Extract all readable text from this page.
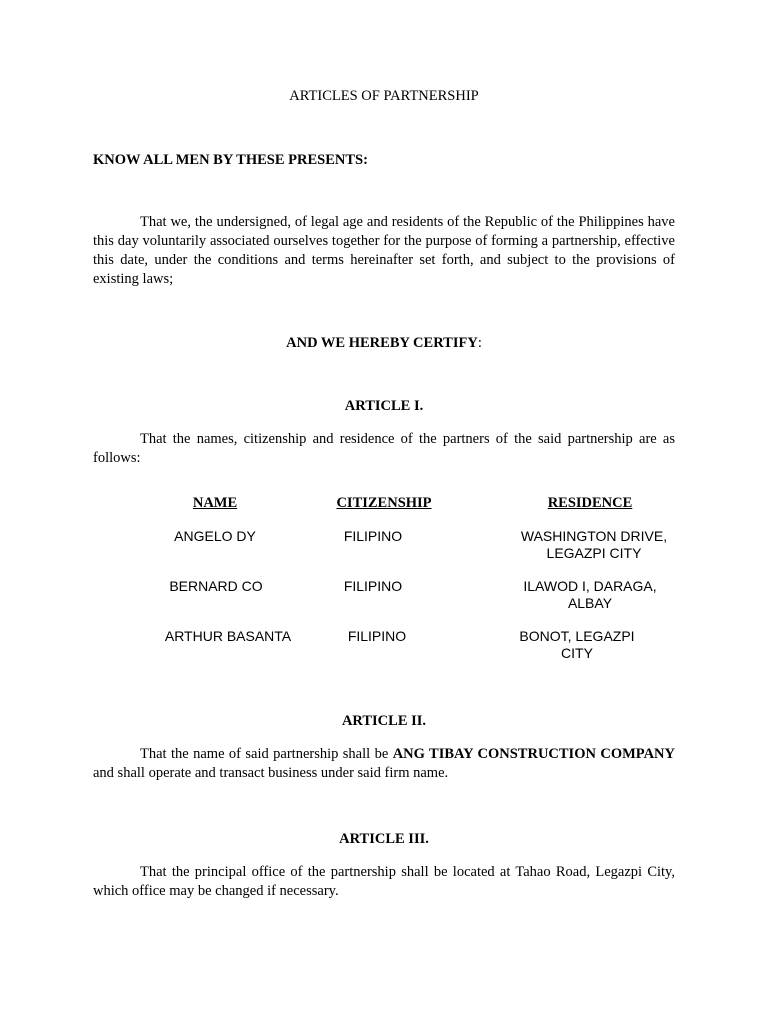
ARTICLES OF PARTNERSHIP
KNOW ALL MEN BY THESE PRESENTS:
That we, the undersigned, of legal age and residents of the Republic of the Philippines have this day voluntarily associated ourselves together for the purpose of forming a partnership, effective this date, under the conditions and terms hereinafter set forth, and subject to the provisions of existing laws;
AND WE HEREBY CERTIFY:
ARTICLE I.
That the names, citizenship and residence of the partners of the said partnership are as follows:
NAME	CITIZENSHIP	RESIDENCE
ANGELO DY	FILIPINO	WASHINGTON DRIVE,
LEGAZPI CITY
BERNARD CO	FILIPINO	ILAWOD I, DARAGA,
ALBAY
ARTHUR BASANTA	FILIPINO	BONOT, LEGAZPI
CITY
ARTICLE II.
That the name of said partnership shall be ANG TIBAY CONSTRUCTION COMPANY and shall operate and transact business under said firm name.
ARTICLE III.
That the principal office of the partnership shall be located at Tahao Road, Legazpi City, which office may be changed if necessary.
